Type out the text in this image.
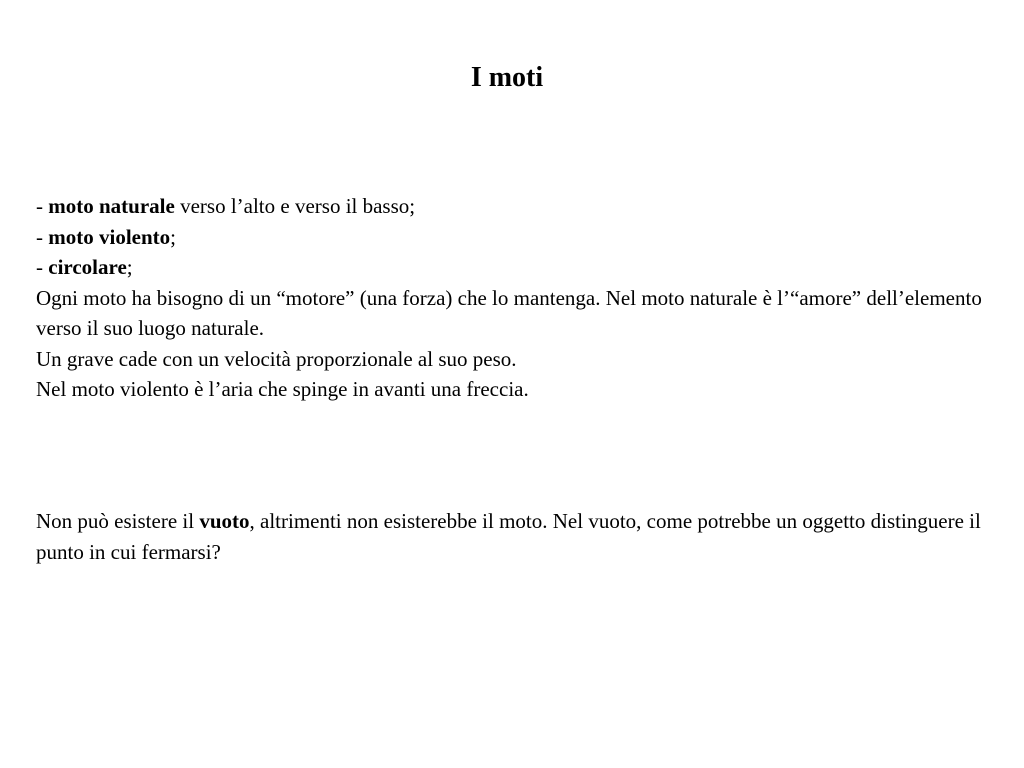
I moti
- moto naturale verso l’alto e verso il basso;
- moto violento;
- circolare;
Ogni moto ha bisogno di un “motore” (una forza) che lo mantenga. Nel moto naturale è l’“amore” dell’elemento verso il suo luogo naturale.
Un grave cade con un velocità proporzionale al suo peso.
Nel moto violento è l’aria che spinge in avanti una freccia.
Non può esistere il vuoto, altrimenti non esisterebbe il moto. Nel vuoto, come potrebbe un oggetto distinguere il punto in cui fermarsi?
